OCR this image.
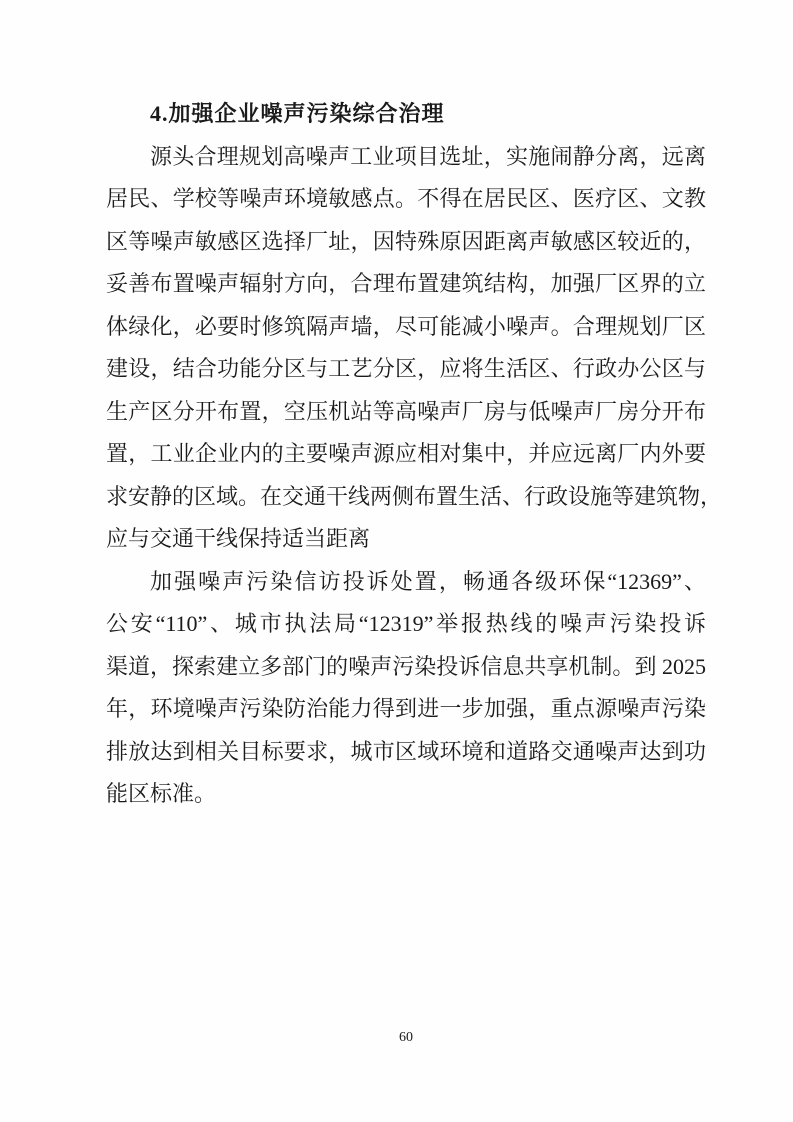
4.加强企业噪声污染综合治理
源头合理规划高噪声工业项目选址，实施闹静分离，远离
居民、学校等噪声环境敏感点。不得在居民区、医疗区、文教
区等噪声敏感区选择厂址，因特殊原因距离声敏感区较近的，
妥善布置噪声辐射方向，合理布置建筑结构，加强厂区界的立
体绿化，必要时修筑隔声墙，尽可能减小噪声。合理规划厂区
建设，结合功能分区与工艺分区，应将生活区、行政办公区与
生产区分开布置，空压机站等高噪声厂房与低噪声厂房分开布
置，工业企业内的主要噪声源应相对集中，并应远离厂内外要
求安静的区域。在交通干线两侧布置生活、行政设施等建筑物，
应与交通干线保持适当距离
加强噪声污染信访投诉处置，畅通各级环保“12369”、
公安“110”、城市执法局“12319”举报热线的噪声污染投诉
渠道，探索建立多部门的噪声污染投诉信息共享机制。到 2025
年，环境噪声污染防治能力得到进一步加强，重点源噪声污染
排放达到相关目标要求，城市区域环境和道路交通噪声达到功
能区标准。
60
